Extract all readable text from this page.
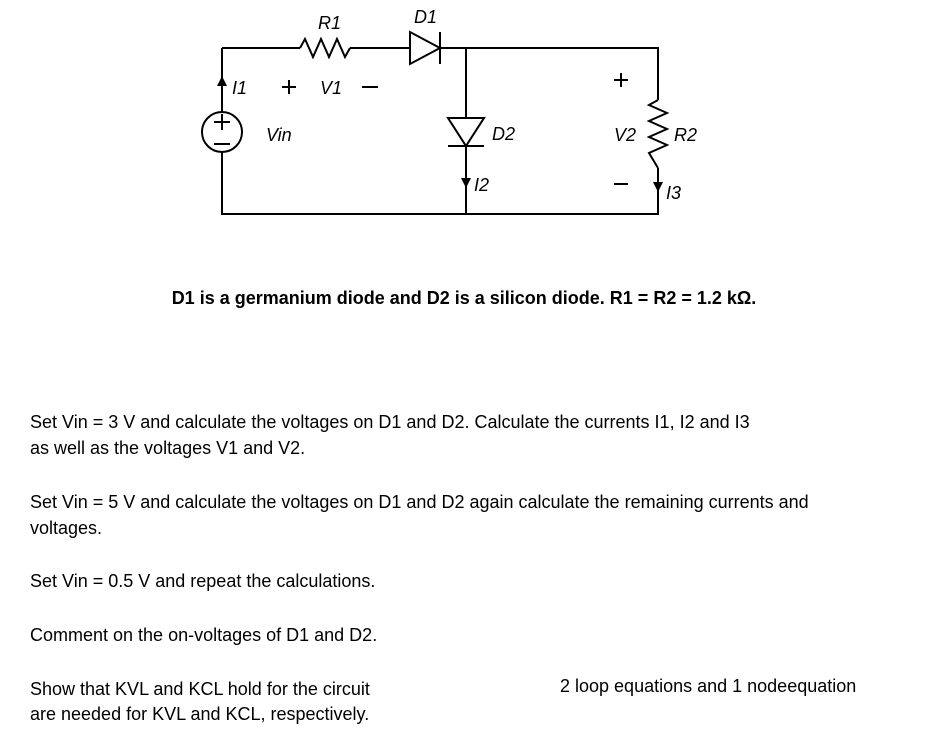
R1	D1
I1	V1
Vin	D2
I2
V2 R2
I3
D1 is a germanium diode and D2 is a silicon diode. R1 = R2 = 1.2 kΩ.
Set Vin = 3 V and calculate the voltages on D1 and D2. Calculate the currents I1, I2 and I3
as well as the voltages V1 and V2.
Set Vin = 5 V and calculate the voltages on D1 and D2 again calculate the remaining currents and
voltages.
Set Vin = 0.5 V and repeat the calculations.
Comment on the on-voltages of D1 and D2.
Show that KVL and KCL hold for the circuit
are needed for KVL and KCL, respectively.
2 loop equations and 1 nodeequation
